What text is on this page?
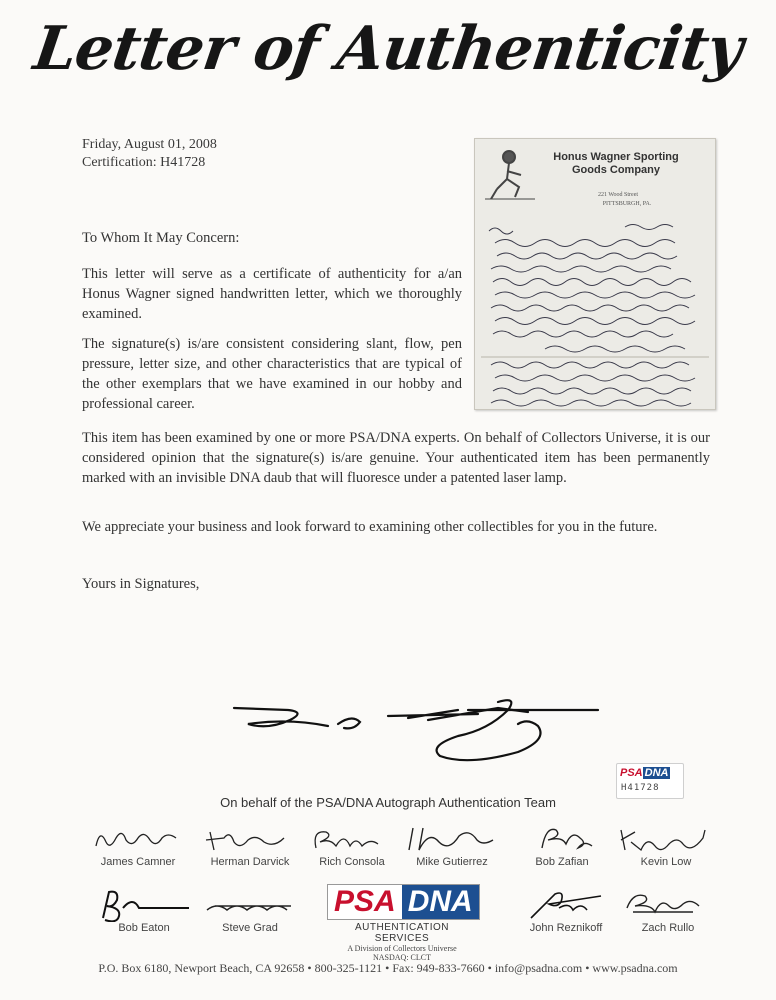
Letter of Authenticity
Friday, August 01, 2008
Certification: H41728
To Whom It May Concern:
This letter will serve as a certificate of authenticity for a/an Honus Wagner signed handwritten letter, which we thoroughly examined.
The signature(s) is/are consistent considering slant, flow, pen pressure, letter size, and other characteristics that are typical of the other exemplars that we have examined in our hobby and professional career.
This item has been examined by one or more PSA/DNA experts. On behalf of Collectors Universe, it is our considered opinion that the signature(s) is/are genuine. Your authenticated item has been permanently marked with an invisible DNA daub that will fluoresce under a patented laser lamp.
We appreciate your business and look forward to examining other collectibles for you in the future.
Yours in Signatures,
221 Wood Street
PITTSBURGH, PA.
Honus Wagner Sporting Goods Company
PSA DNA
H41728
On behalf of the PSA/DNA Autograph Authentication Team
James Camner	Herman Darvick	Rich Consola	Mike Gutierrez	Bob Zafian	Kevin Low
Bob Eaton	Steve Grad	John Reznikoff	Zach Rullo
PSA DNA
AUTHENTICATION SERVICES
A Division of Collectors Universe
NASDAQ: CLCT
P.O. Box 6180, Newport Beach, CA 92658 • 800-325-1121 • Fax: 949-833-7660 • info@psadna.com • www.psadna.com
